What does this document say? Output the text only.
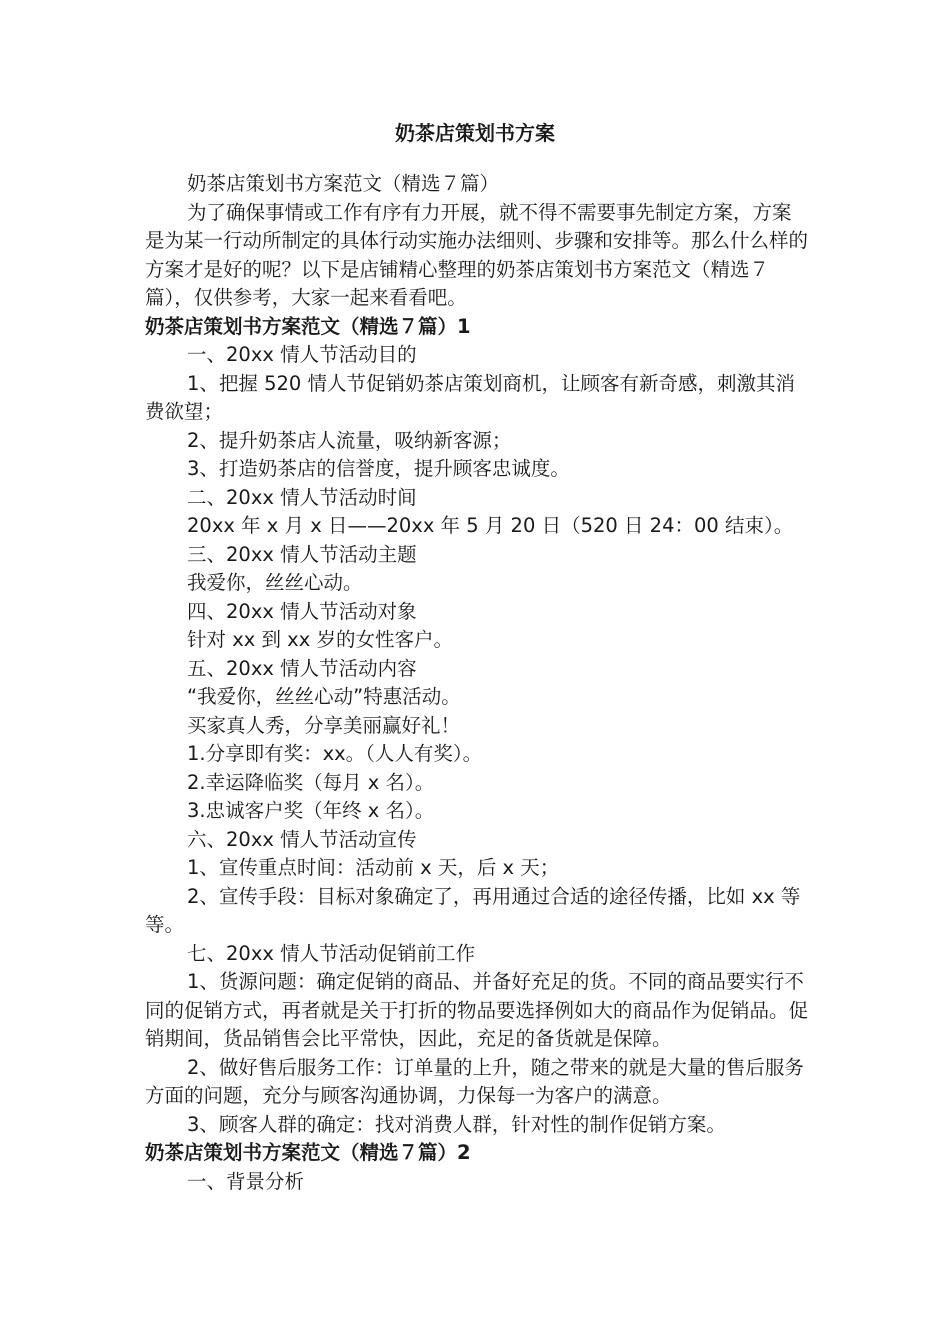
奶茶店策划书方案

奶茶店策划书方案范文（精选７篇）

为了确保事情或工作有序有力开展，就不得不需要事先制定方案，方案是为某一行动所制定的具体行动实施办法细则、步骤和安排等。那么什么样的方案才是好的呢？以下是店铺精心整理的奶茶店策划书方案范文（精选７篇），仅供参考，大家一起来看看吧。

奶茶店策划书方案范文（精选７篇）1

一、20xx 情人节活动目的

1、把握 520 情人节促销奶茶店策划商机，让顾客有新奇感，刺激其消费欲望；

2、提升奶茶店人流量，吸纳新客源；

3、打造奶茶店的信誉度，提升顾客忠诚度。

二、20xx 情人节活动时间

20xx 年 x 月 x 日——20xx 年 5 月 20 日（520 日 24：00 结束）。

三、20xx 情人节活动主题

我爱你，丝丝心动。

四、20xx 情人节活动对象

针对 xx 到 xx 岁的女性客户。

五、20xx 情人节活动内容

“我爱你，丝丝心动”特惠活动。

买家真人秀，分享美丽赢好礼！

1.分享即有奖：xx。（人人有奖）。

2.幸运降临奖（每月 x 名）。

3.忠诚客户奖（年终 x 名）。

六、20xx 情人节活动宣传

1、宣传重点时间：活动前 x 天，后 x 天；

2、宣传手段：目标对象确定了，再用通过合适的途径传播，比如 xx 等等。

七、20xx 情人节活动促销前工作

1、货源问题：确定促销的商品、并备好充足的货。不同的商品要实行不同的促销方式，再者就是关于打折的物品要选择例如大的商品作为促销品。促销期间，货品销售会比平常快，因此，充足的备货就是保障。

2、做好售后服务工作：订单量的上升，随之带来的就是大量的售后服务方面的问题，充分与顾客沟通协调，力保每一为客户的满意。

3、顾客人群的确定：找对消费人群，针对性的制作促销方案。

奶茶店策划书方案范文（精选７篇）2

一、背景分析
